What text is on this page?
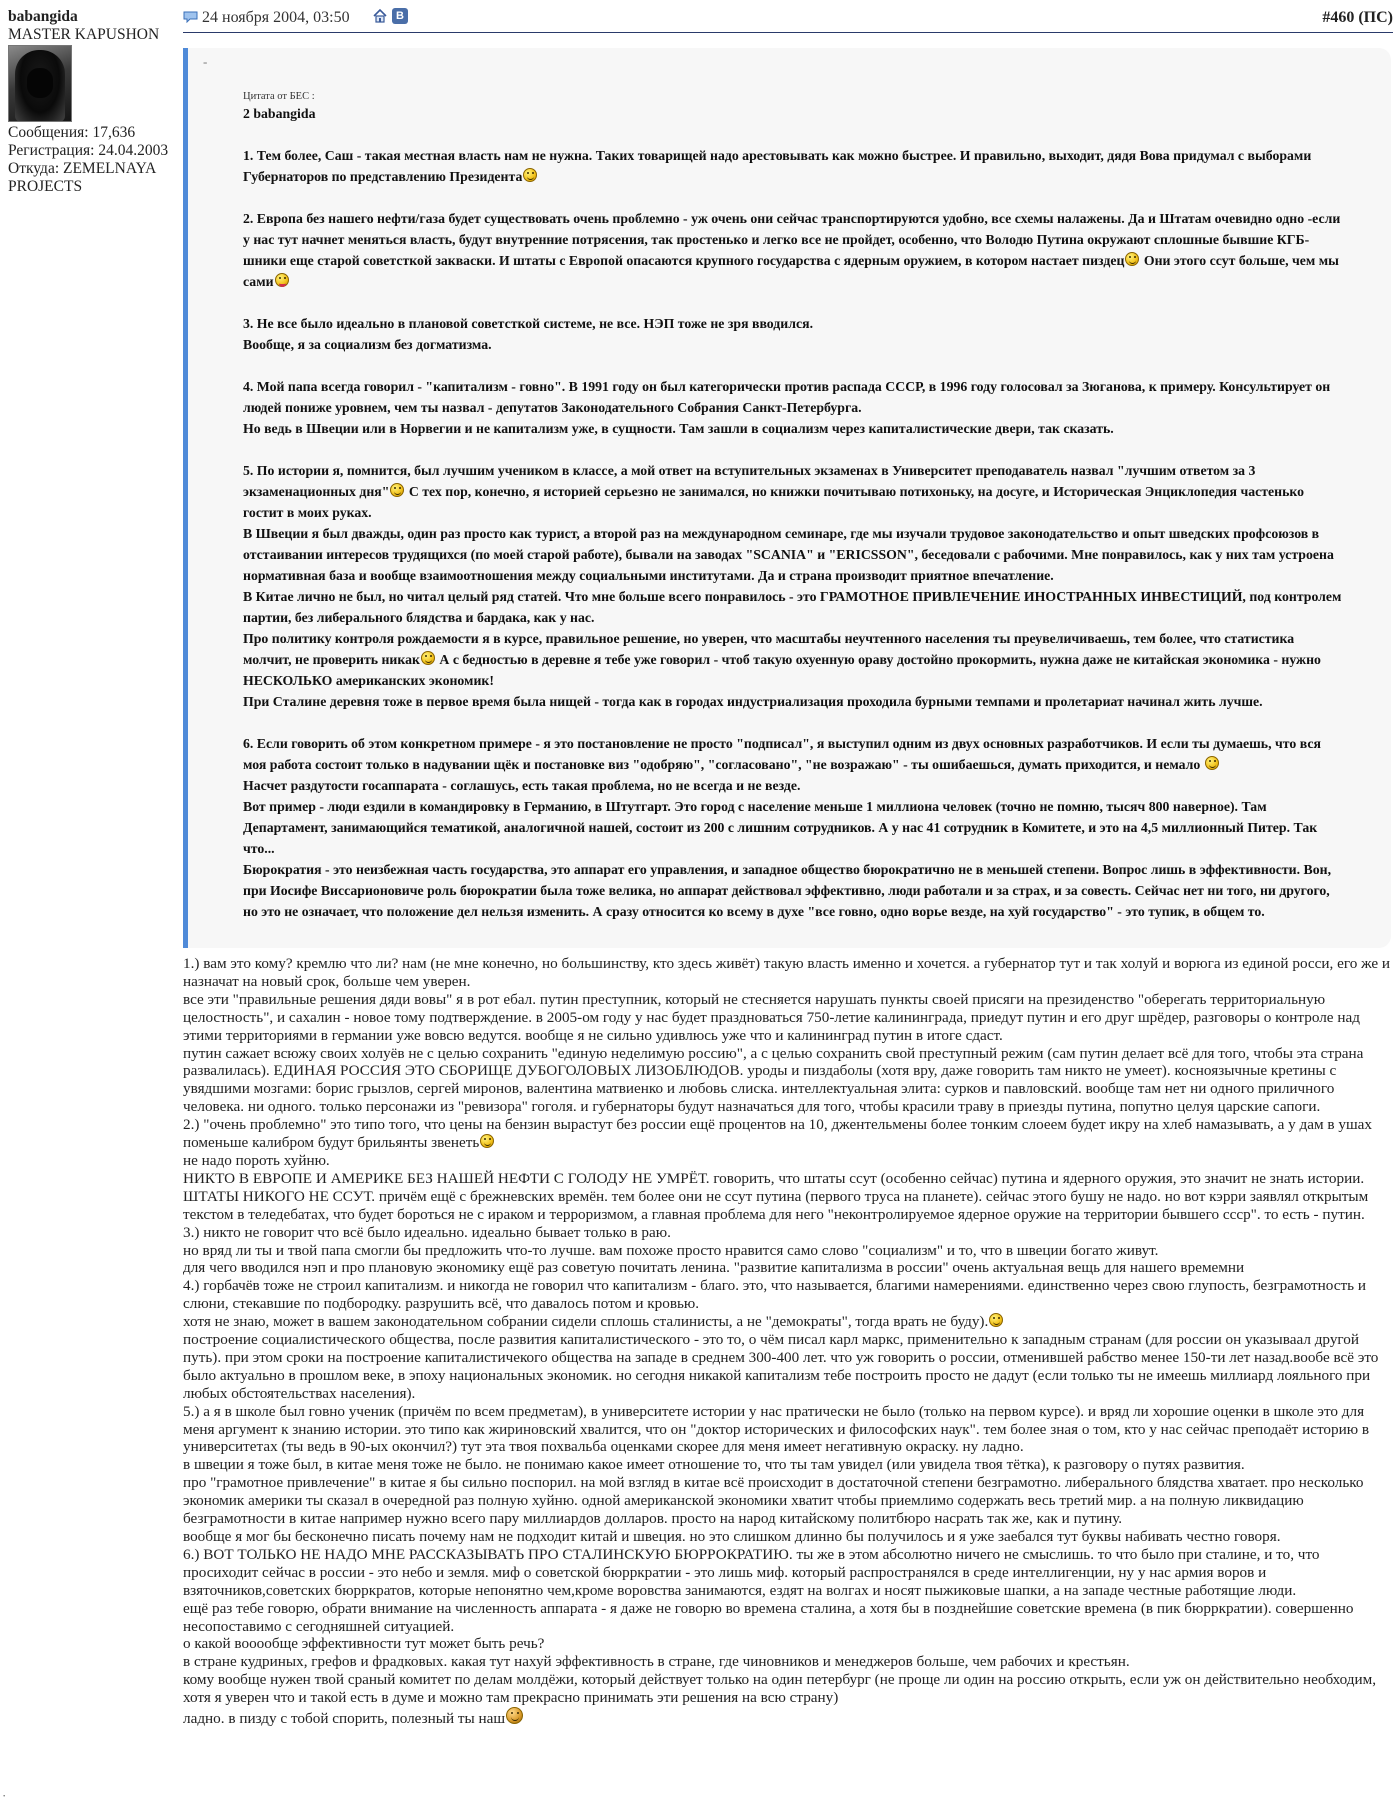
babangida
MASTER KAPUSHON
Сообщения: 17,636
Регистрация: 24.04.2003
Откуда: ZEMELNAYA PROJECTS
24 ноября 2004, 03:50	В	#460 (ПС)
-
Цитата от БЕС :

2 babangida

1. Тем более, Саш - такая местная власть нам не нужна. Таких товарищей надо арестовывать как можно быстрее. И правильно, выходит, дядя Вова придумал с выборами Губернаторов по представлению Президента

2. Европа без нашего нефти/газа будет существовать очень проблемно - уж очень они сейчас транспортируются удобно, все схемы налажены. Да и Штатам очевидно одно -если у нас тут начнет меняться власть, будут внутренние потрясения, так простенько и легко все не пройдет, особенно, что Володю Путина окружают сплошные бывшие КГБ-шники еще старой советсткой закваски. И штаты с Европой опасаются крупного государства с ядерным оружием, в котором настает пиздец Они этого ссут больше, чем мы сами

3. Не все было идеально в плановой советсткой системе, не все. НЭП тоже не зря вводился.

Вообще, я за социализм без догматизма.

4. Мой папа всегда говорил - "капитализм - говно". В 1991 году он был категорически против распада СССР, в 1996 году голосовал за Зюганова, к примеру. Консультирует он людей пониже уровнем, чем ты назвал - депутатов Законодательного Собрания Санкт-Петербурга.

Но ведь в Швеции или в Норвегии и не капитализм уже, в сущности. Там зашли в социализм через капиталистические двери, так сказать.

5. По истории я, помнится, был лучшим учеником в классе, а мой ответ на вступительных экзаменах в Университет преподаватель назвал "лучшим ответом за 3 экзаменационных дня" С тех пор, конечно, я историей серьезно не занимался, но книжки почитываю потихоньку, на досуге, и Историческая Энциклопедия частенько гостит в моих руках.

В Швеции я был дважды, один раз просто как турист, а второй раз на международном семинаре, где мы изучали трудовое законодательство и опыт шведских профсоюзов в отстаивании интересов трудящихся (по моей старой работе), бывали на заводах "SCANIA" и "ERICSSON", беседовали с рабочими. Мне понравилось, как у них там устроена нормативная база и вообще взаимоотношения между социальными институтами. Да и страна производит приятное впечатление.

В Китае лично не был, но читал целый ряд статей. Что мне больше всего понравилось - это ГРАМОТНОЕ ПРИВЛЕЧЕНИЕ ИНОСТРАННЫХ ИНВЕСТИЦИЙ, под контролем партии, без либерального блядства и бардака, как у нас.

Про политику контроля рождаемости я в курсе, правильное решение, но уверен, что масштабы неучтенного населения ты преувеличиваешь, тем более, что статистика молчит, не проверить никак А с бедностью в деревне я тебе уже говорил - чтоб такую охуенную ораву достойно прокормить, нужна даже не китайская экономика - нужно НЕСКОЛЬКО американских экономик!

При Сталине деревня тоже в первое время была нищей - тогда как в городах индустриализация проходила бурными темпами и пролетариат начинал жить лучше.

6. Если говорить об этом конкретном примере - я это постановление не просто "подписал", я выступил одним из двух основных разработчиков. И если ты думаешь, что вся моя работа состоит только в надувании щёк и постановке виз "одобряю", "согласовано", "не возражаю" - ты ошибаешься, думать приходится, и немало

Насчет раздутости госаппарата - соглашусь, есть такая проблема, но не всегда и не везде.

Вот пример - люди ездили в командировку в Германию, в Штутгарт. Это город с население меньше 1 миллиона человек (точно не помню, тысяч 800 наверное). Там Департамент, занимающийся тематикой, аналогичной нашей, состоит из 200 с лишним сотрудников. А у нас 41 сотрудник в Комитете, и это на 4,5 миллионный Питер. Так что...

Бюрократия - это неизбежная часть государства, это аппарат его управления, и западное общество бюрократично не в меньшей степени. Вопрос лишь в эффективности. Вон, при Иосифе Виссарионовиче роль бюрократии была тоже велика, но аппарат действовал эффективно, люди работали и за страх, и за совесть. Сейчас нет ни того, ни другого, но это не означает, что положение дел нельзя изменить. А сразу относится ко всему в духе "все говно, одно ворье везде, на хуй государство" - это тупик, в общем то.

1.) вам это кому? кремлю что ли? нам (не мне конечно, но большинству, кто здесь живёт) такую власть именно и хочется. а губернатор тут и так холуй и ворюга из единой росси, его же и назначат на новый срок, больше чем уверен.

все эти "правильные решения дяди вовы" я в рот ебал. путин преступник, который не стесняется нарушать пункты своей присяги на президенство "оберегать территориальную целостность", и сахалин - новое тому подтверждение. в 2005-ом году у нас будет праздноваться 750-летие калининграда, приедут путин и его друг шрёдер, разговоры о контроле над этими территориями в германии уже вовсю ведутся. вообще я не сильно удивлюсь уже что и калининград путин в итоге сдаст.

путин сажает всюжу своих холуёв не с целью сохранить "единую неделимую россию", а с целью сохранить свой преступный режим (сам путин делает всё для того, чтобы эта страна развалилась). ЕДИНАЯ РОССИЯ ЭТО СБОРИЩЕ ДУБОГОЛОВЫХ ЛИЗОБЛЮДОВ. уроды и пиздаболы (хотя вру, даже говорить там никто не умеет). косноязычные кретины с увядшими мозгами: борис грызлов, сергей миронов, валентина матвиенко и любовь слиска. интеллектуальная элита: сурков и павловский. вообще там нет ни одного приличного человека. ни одного. только персонажи из "ревизора" гоголя. и губернаторы будут назначаться для того, чтобы красили траву в приезды путина, попутно целуя царские сапоги.

2.) "очень проблемно" это типо того, что цены на бензин вырастут без россии ещё процентов на 10, джентельмены более тонким слоеем будет икру на хлеб намазывать, а у дам в ушах поменьше калибром будут брильянты звенеть

не надо пороть хуйню.

НИКТО В ЕВРОПЕ И АМЕРИКЕ БЕЗ НАШЕЙ НЕФТИ С ГОЛОДУ НЕ УМРЁТ. говорить, что штаты ссут (особенно сейчас) путина и ядерного оружия, это значит не знать истории. ШТАТЫ НИКОГО НЕ ССУТ. причём ещё с брежневских времён. тем более они не ссут путина (первого труса на планете). сейчас этого бушу не надо. но вот кэрри заявлял открытым текстом в теледебатах, что будет бороться не с ираком и терроризмом, а главная проблема для него "неконтролируемое ядерное оружие на территории бывшего ссср". то есть - путин.

3.) никто не говорит что всё было идеально. идеально бывает только в раю.

но вряд ли ты и твой папа смогли бы предложить что-то лучше. вам похоже просто нравится само слово "социализм" и то, что в швеции богато живут.

для чего вводился нэп и про плановую экономику ещё раз советую почитать ленина. "развитие капитализма в россии" очень актуальная вещь для нашего времемни

4.) горбачёв тоже не строил капитализм. и никогда не говорил что капитализм - благо. это, что называется, благими намерениями. единственно через свою глупость, безграмотность и слюни, стекавшие по подбородку. разрушить всё, что давалось потом и кровью.

хотя не знаю, может в вашем законодательном собрании сидели сплошь сталинисты, а не "демократы", тогда врать не буду).

построение социалистического общества, после развития капиталистического - это то, о чём писал карл маркс, применительно к западным странам (для россии он указываал другой путь). при этом сроки на построение капиталистичекого общества на западе в среднем 300-400 лет. что уж говорить о россии, отменившей рабство менее 150-ти лет назад.вообе всё это было актуально в прошлом веке, в эпоху национальных экономик. но сегодня никакой капитализм тебе построить просто не дадут (если только ты не имеешь миллиард лояльного при любых обстоятельствах населения).

5.) а я в школе был говно ученик (причём по всем предметам), в университете истории у нас пратически не было (только на первом курсе). и вряд ли хорошие оценки в школе это для меня аргумент к знанию истории. это типо как жириновский хвалится, что он "доктор исторических и философских наук". тем более зная о том, кто у нас сейчас преподаёт историю в университетах (ты ведь в 90-ых окончил?) тут эта твоя похвальба оценками скорее для меня имеет негативную окраску. ну ладно.

в швеции я тоже был, в китае меня тоже не было. не понимаю какое имеет отношение то, что ты там увидел (или увидела твоя тётка), к разговору о путях развития.

про "грамотное привлечение" в китае я бы сильно поспорил. на мой взгляд в китае всё происходит в достаточной степени безграмотно. либерального блядства хватает. про несколько экономик америки ты сказал в очередной раз полную хуйню. одной американской экономики хватит чтобы приемлимо содержать весь третий мир. а на полную ликвидацию безграмотности в китае например нужно всего пару миллиардов долларов. просто на народ китайскому политбюро насрать так же, как и путину.

вообще я мог бы бесконечно писать почему нам не подходит китай и швеция. но это слишком длинно бы получилось и я уже заебался тут буквы набивать честно говоря.

6.) ВОТ ТОЛЬКО НЕ НАДО МНЕ РАССКАЗЫВАТЬ ПРО СТАЛИНСКУЮ БЮРРОКРАТИЮ. ты же в этом абсолютно ничего не смыслишь. то что было при сталине, и то, что просиходит сейчас в россии - это небо и земля. миф о советской бюрркратии - это лишь миф. который распространялся в среде интеллигенции, ну у нас армия воров и взяточников,советских бюрркратов, которые непонятно чем,кроме воровства занимаются, ездят на волгах и носят пыжиковые шапки, а на западе честные работящие люди.

ещё раз тебе говорю, обрати внимание на численность аппарата - я даже не говорю во времена сталина, а хотя бы в позднейшие советские времена (в пик бюрркратии). совершенно несопоставимо с сегодняшней ситуацией.

о какой вооообще эффективности тут может быть речь?

в стране кудриных, грефов и фрадковых. какая тут нахуй эффективность в стране, где чиновников и менеджеров больше, чем рабочих и крестьян.

кому вообще нужен твой сраный комитет по делам молдёжи, который действует только на один петербург (не проще ли один на россию открыть, если уж он действительно необходим, хотя я уверен что и такой есть в думе и можно там прекрасно принимать эти решения на всю страну)

ладно. в пизду с тобой спорить, полезный ты наш

·
